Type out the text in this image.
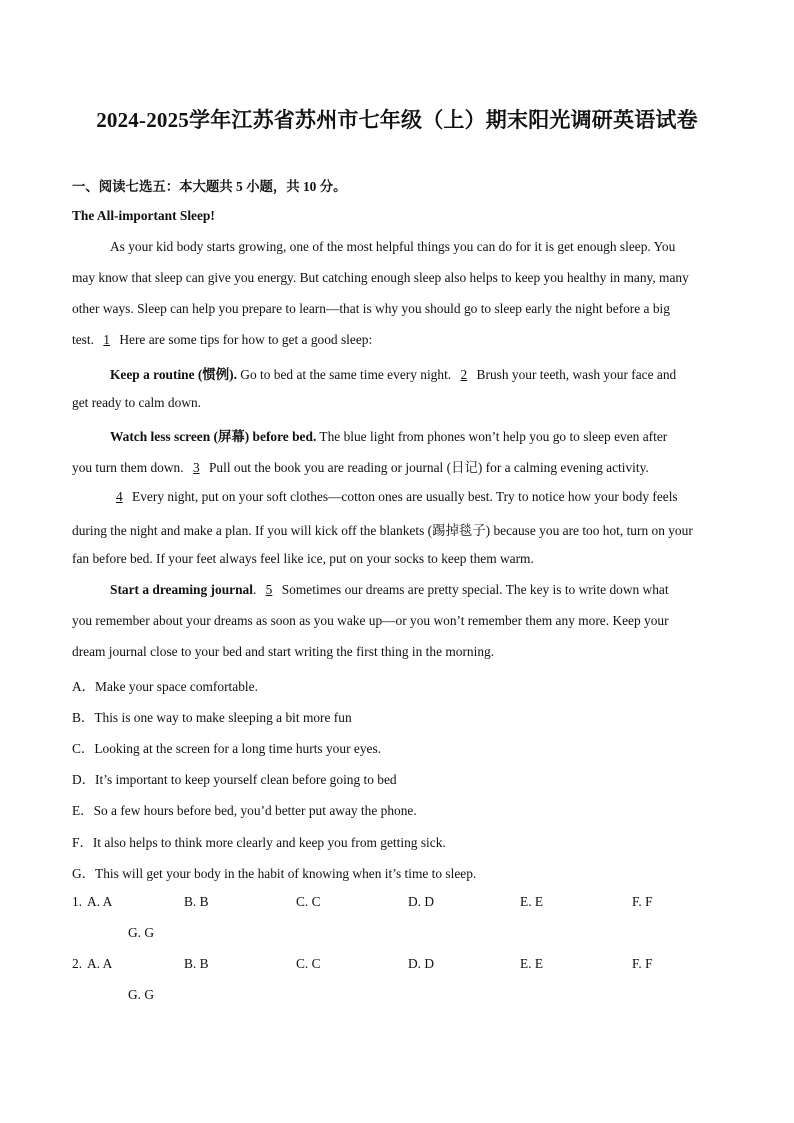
2024-2025学年江苏省苏州市七年级（上）期末阳光调研英语试卷
一、阅读七选五：本大题共 5 小题，共 10 分。
The All-important Sleep!
As your kid body starts growing, one of the most helpful things you can do for it is get enough sleep. You
may know that sleep can give you energy. But catching enough sleep also helps to keep you healthy in many, many
other ways. Sleep can help you prepare to learn—that is why you should go to sleep early the night before a big
test. 1 Here are some tips for how to get a good sleep:
Keep a routine (惯例). Go to bed at the same time every night. 2 Brush your teeth, wash your face and
get ready to calm down.
Watch less screen (屏幕) before bed. The blue light from phones won’t help you go to sleep even after
you turn them down. 3 Pull out the book you are reading or journal (日记) for a calming evening activity.
4 Every night, put on your soft clothes—cotton ones are usually best. Try to notice how your body feels
during the night and make a plan. If you will kick off the blankets (踢掉毯子) because you are too hot, turn on your
fan before bed. If your feet always feel like ice, put on your socks to keep them warm.
Start a dreaming journal. 5 Sometimes our dreams are pretty special. The key is to write down what
you remember about your dreams as soon as you wake up—or you won’t remember them any more. Keep your
dream journal close to your bed and start writing the first thing in the morning.
A．Make your space comfortable.
B．This is one way to make sleeping a bit more fun
C．Looking at the screen for a long time hurts your eyes.
D．It’s important to keep yourself clean before going to bed
E．So a few hours before bed, you’d better put away the phone.
F．It also helps to think more clearly and keep you from getting sick.
G．This will get your body in the habit of knowing when it’s time to sleep.
1. A. A	B. B	C. C	D. D	E. E	F. F
G. G
2. A. A	B. B	C. C	D. D	E. E	F. F
G. G
